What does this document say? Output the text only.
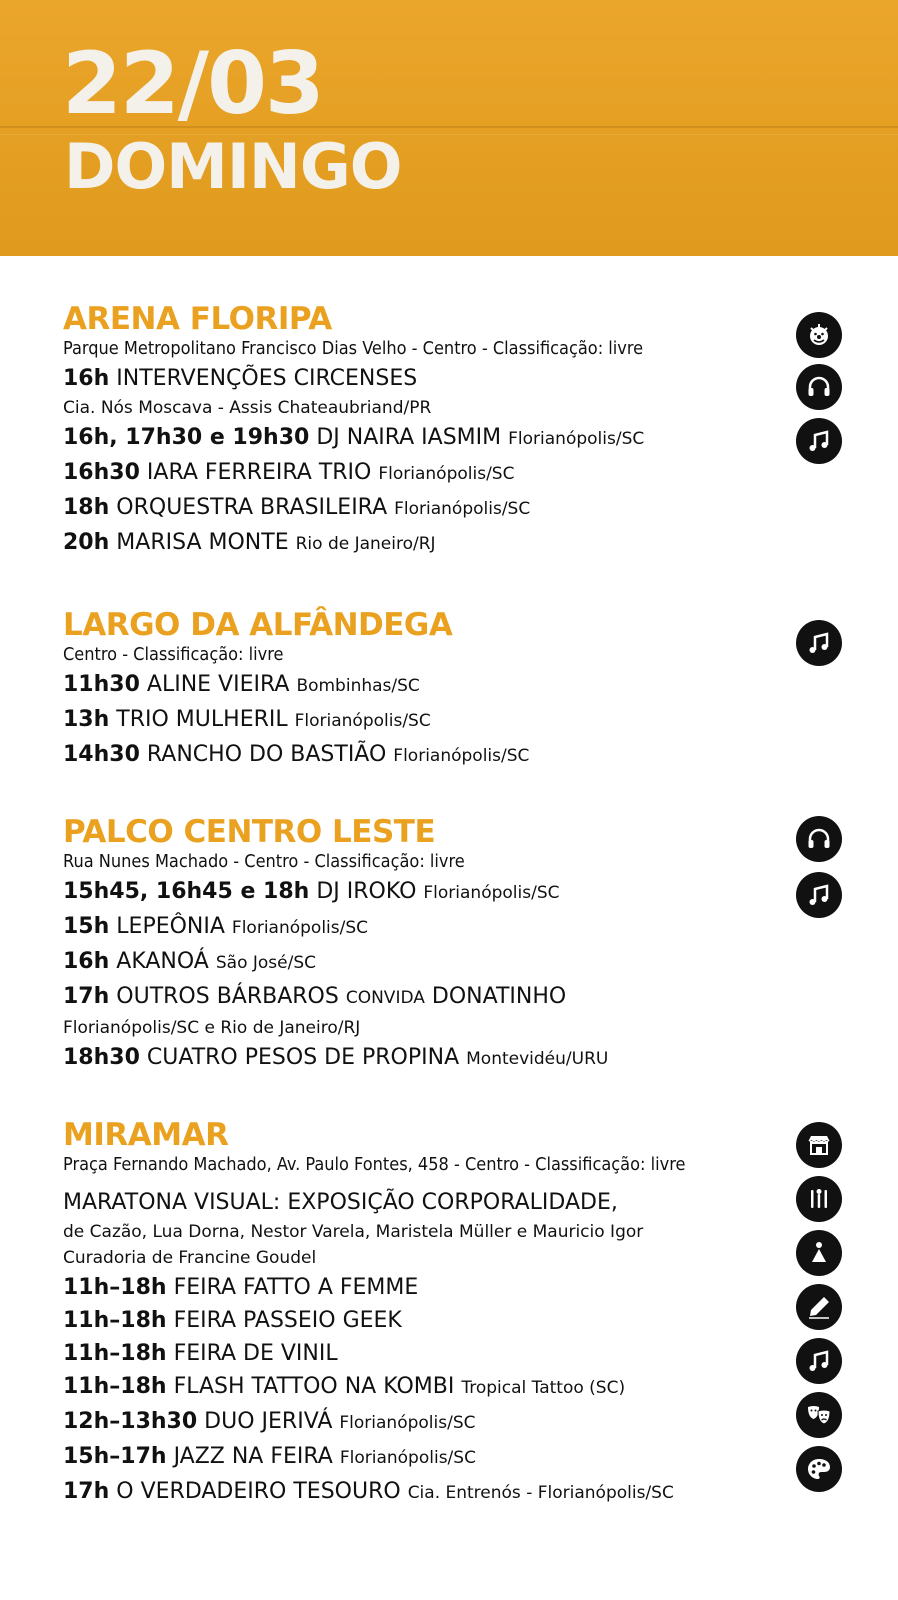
22/03
DOMINGO
ARENA FLORIPA
Parque Metropolitano Francisco Dias Velho - Centro - Classificação: livre
16h INTERVENÇÕES CIRCENSES
Cia. Nós Moscava - Assis Chateaubriand/PR
16h, 17h30 e 19h30 DJ NAIRA IASMIM Florianópolis/SC
16h30 IARA FERREIRA TRIO Florianópolis/SC
18h ORQUESTRA BRASILEIRA Florianópolis/SC
20h MARISA MONTE Rio de Janeiro/RJ
LARGO DA ALFÂNDEGA
Centro - Classificação: livre
11h30 ALINE VIEIRA Bombinhas/SC
13h TRIO MULHERIL Florianópolis/SC
14h30 RANCHO DO BASTIÃO Florianópolis/SC
PALCO CENTRO LESTE
Rua Nunes Machado - Centro - Classificação: livre
15h45, 16h45 e 18h DJ IROKO Florianópolis/SC
15h LEPEÔNIA Florianópolis/SC
16h AKANOÁ São José/SC
17h OUTROS BÁRBAROS CONVIDA DONATINHO
Florianópolis/SC e Rio de Janeiro/RJ
18h30 CUATRO PESOS DE PROPINA Montevidéu/URU
MIRAMAR
Praça Fernando Machado, Av. Paulo Fontes, 458 - Centro - Classificação: livre
MARATONA VISUAL: EXPOSIÇÃO CORPORALIDADE,
de Cazão, Lua Dorna, Nestor Varela, Maristela Müller e Mauricio Igor
Curadoria de Francine Goudel
11h–18h FEIRA FATTO A FEMME
11h–18h FEIRA PASSEIO GEEK
11h–18h FEIRA DE VINIL
11h–18h FLASH TATTOO NA KOMBI Tropical Tattoo (SC)
12h–13h30 DUO JERIVÁ Florianópolis/SC
15h–17h JAZZ NA FEIRA Florianópolis/SC
17h O VERDADEIRO TESOURO Cia. Entrenós - Florianópolis/SC
